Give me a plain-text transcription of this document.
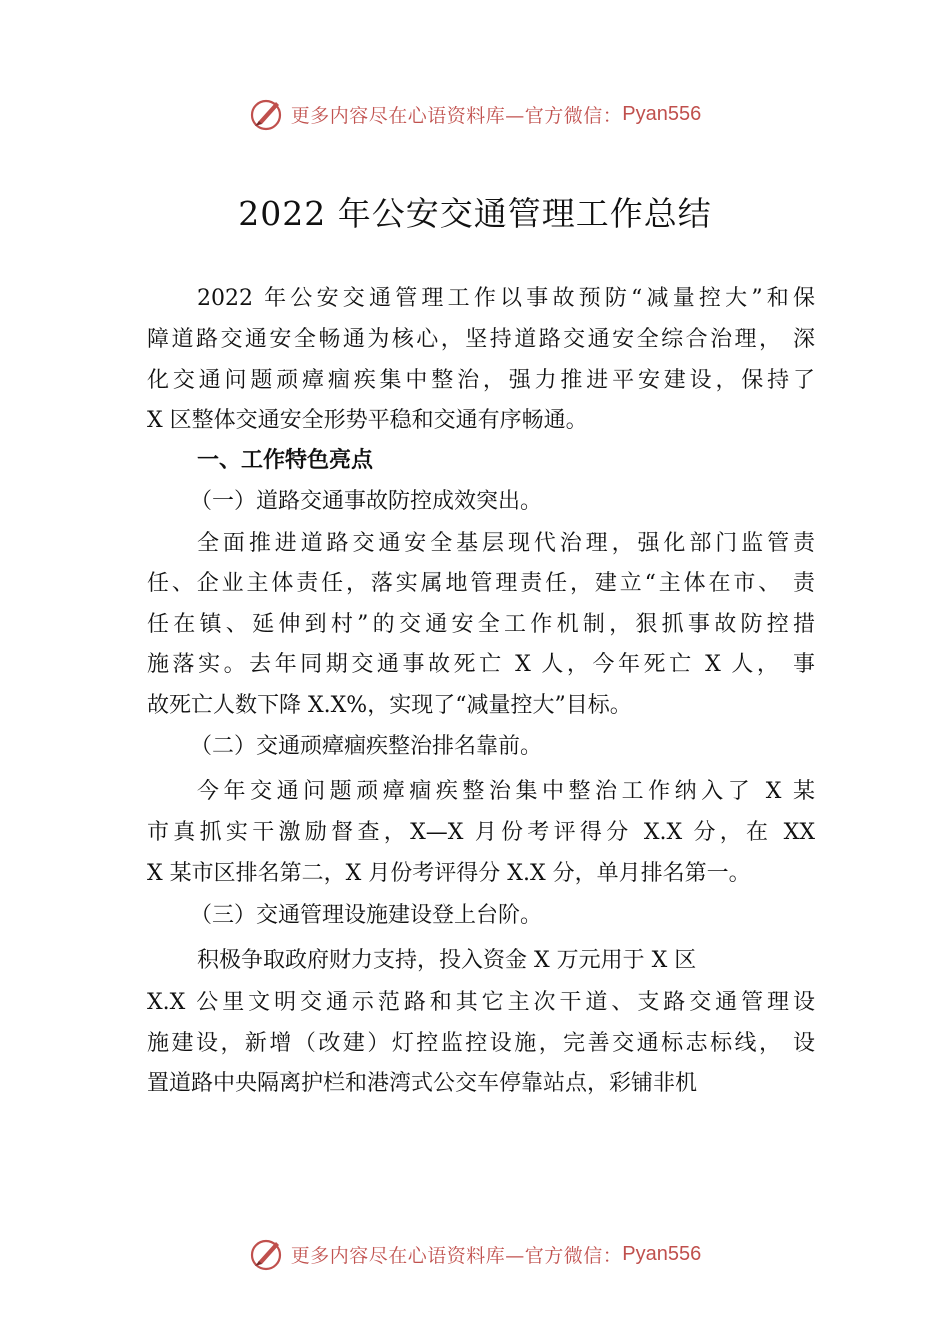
更多内容尽在心语资料库—官方微信： Pyan556
2022 年公安交通管理工作总结
2022 年公安交通管理工作以事故预防“减量控大”和保
障道路交通安全畅通为核心，坚持道路交通安全综合治理， 深
化交通问题顽瘴痼疾集中整治，强力推进平安建设，保持了
X 区整体交通安全形势平稳和交通有序畅通。
一、工作特色亮点
（一）道路交通事故防控成效突出。
全面推进道路交通安全基层现代治理，强化部门监管责
任、企业主体责任，落实属地管理责任，建立“主体在市、 责
任在镇、延伸到村”的交通安全工作机制，狠抓事故防控措
施落实。去年同期交通事故死亡 X 人，今年死亡 X 人， 事
故死亡人数下降 X.X%，实现了“减量控大”目标。
（二）交通顽瘴痼疾整治排名靠前。
今年交通问题顽瘴痼疾整治集中整治工作纳入了 X 某
市真抓实干激励督查，X—X 月份考评得分 X.X 分，在 XX
X 某市区排名第二，X 月份考评得分 X.X 分，单月排名第一。
（三）交通管理设施建设登上台阶。
积极争取政府财力支持，投入资金 X 万元用于 X 区
X.X 公里文明交通示范路和其它主次干道、支路交通管理设
施建设，新增（改建）灯控监控设施，完善交通标志标线， 设
置道路中央隔离护栏和港湾式公交车停靠站点，彩铺非机
更多内容尽在心语资料库—官方微信： Pyan556
